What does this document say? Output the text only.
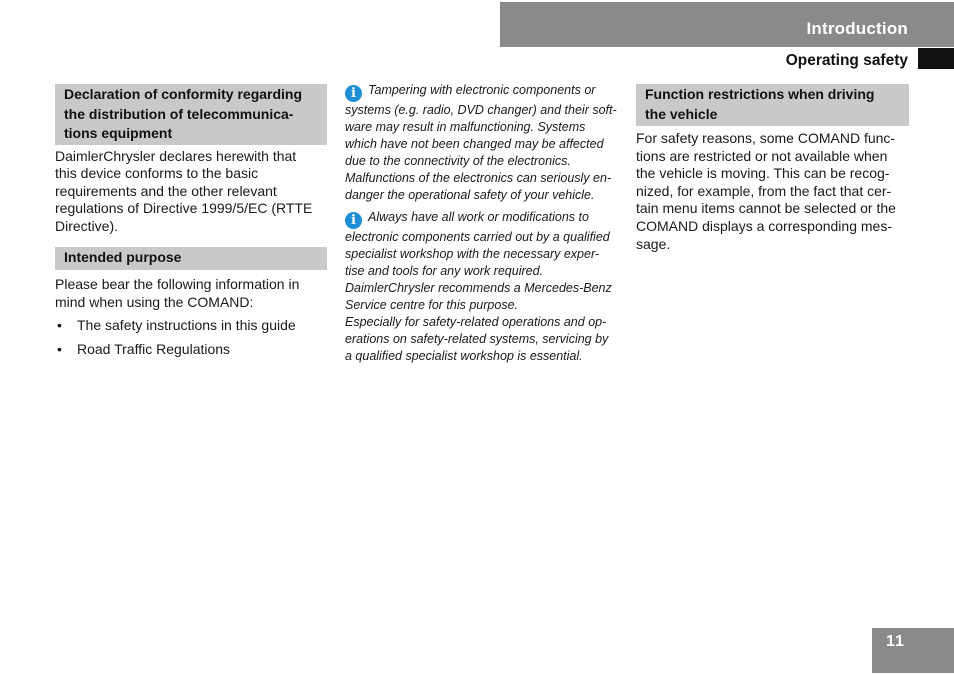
Introduction
Operating safety
Declaration of conformity regarding
the distribution of telecommunica-
tions equipment
DaimlerChrysler declares herewith that
this device conforms to the basic
requirements and the other relevant
regulations of Directive 1999/5/EC (RTTE
Directive).
Intended purpose
Please bear the following information in
mind when using the COMAND:
• The safety instructions in this guide
• Road Traffic Regulations
i Tampering with electronic components or
systems (e.g. radio, DVD changer) and their soft-
ware may result in malfunctioning. Systems
which have not been changed may be affected
due to the connectivity of the electronics.
Malfunctions of the electronics can seriously en-
danger the operational safety of your vehicle.
i Always have all work or modifications to
electronic components carried out by a qualified
specialist workshop with the necessary exper-
tise and tools for any work required.
DaimlerChrysler recommends a Mercedes-Benz
Service centre for this purpose.
Especially for safety-related operations and op-
erations on safety-related systems, servicing by
a qualified specialist workshop is essential.
Function restrictions when driving
the vehicle
For safety reasons, some COMAND func-
tions are restricted or not available when
the vehicle is moving. This can be recog-
nized, for example, from the fact that cer-
tain menu items cannot be selected or the
COMAND displays a corresponding mes-
sage.
11
